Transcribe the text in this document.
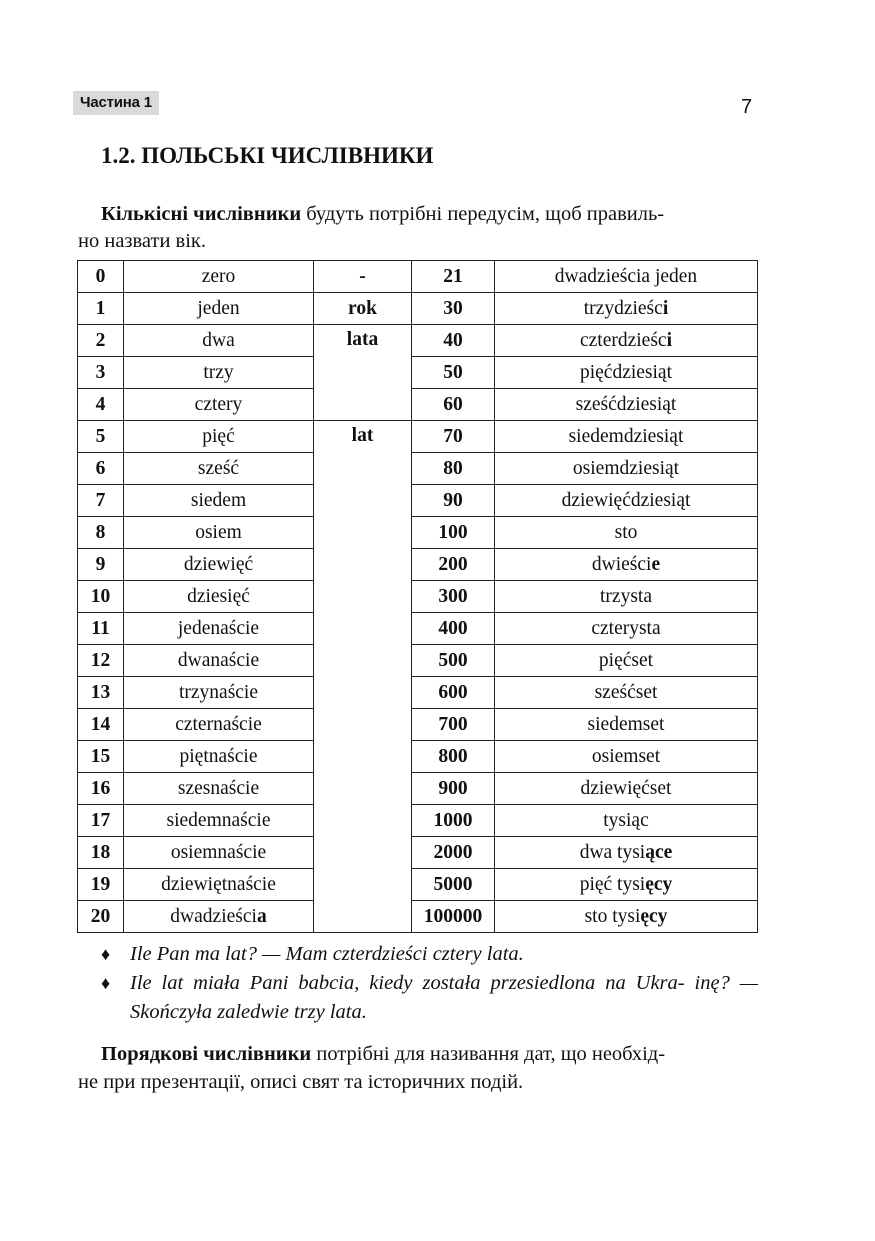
Частина 1	7
1.2. ПОЛЬСЬКІ ЧИСЛІВНИКИ

Кількісні числівники будуть потрібні передусім, щоб правиль-
но назвати вік.

0	zero	-	21	dwadzieścia jeden
1	jeden	rok	30	trzydzieści
2	dwa	lata	40	czterdzieści
3	trzy		50	pięćdziesiąt
4	cztery		60	sześćdziesiąt
5	pięć	lat	70	siedemdziesiąt
6	sześć		80	osiemdziesiąt
7	siedem		90	dziewięćdziesiąt
8	osiem		100	sto
9	dziewięć		200	dwieście
10	dziesięć		300	trzysta
11	jedenaście		400	czterysta
12	dwanaście		500	pięćset
13	trzynaście		600	sześćset
14	czternaście		700	siedemset
15	piętnaście		800	osiemset
16	szesnaście		900	dziewięćset
17	siedemnaście		1000	tysiąc
18	osiemnaście		2000	dwa tysiące
19	dziewiętnaście		5000	pięć tysięcy
20	dwadzieścia		100000	sto tysięcy
♦ Ile Pan ma lat? — Mam czterdzieści cztery lata.
♦ Ile lat miała Pani babcia, kiedy została przesiedlona na Ukra- inę? — Skończyła zaledwie trzy lata.

Порядкові числівники потрібні для називання дат, що необхід-
не при презентації, описі свят та історичних подій.
